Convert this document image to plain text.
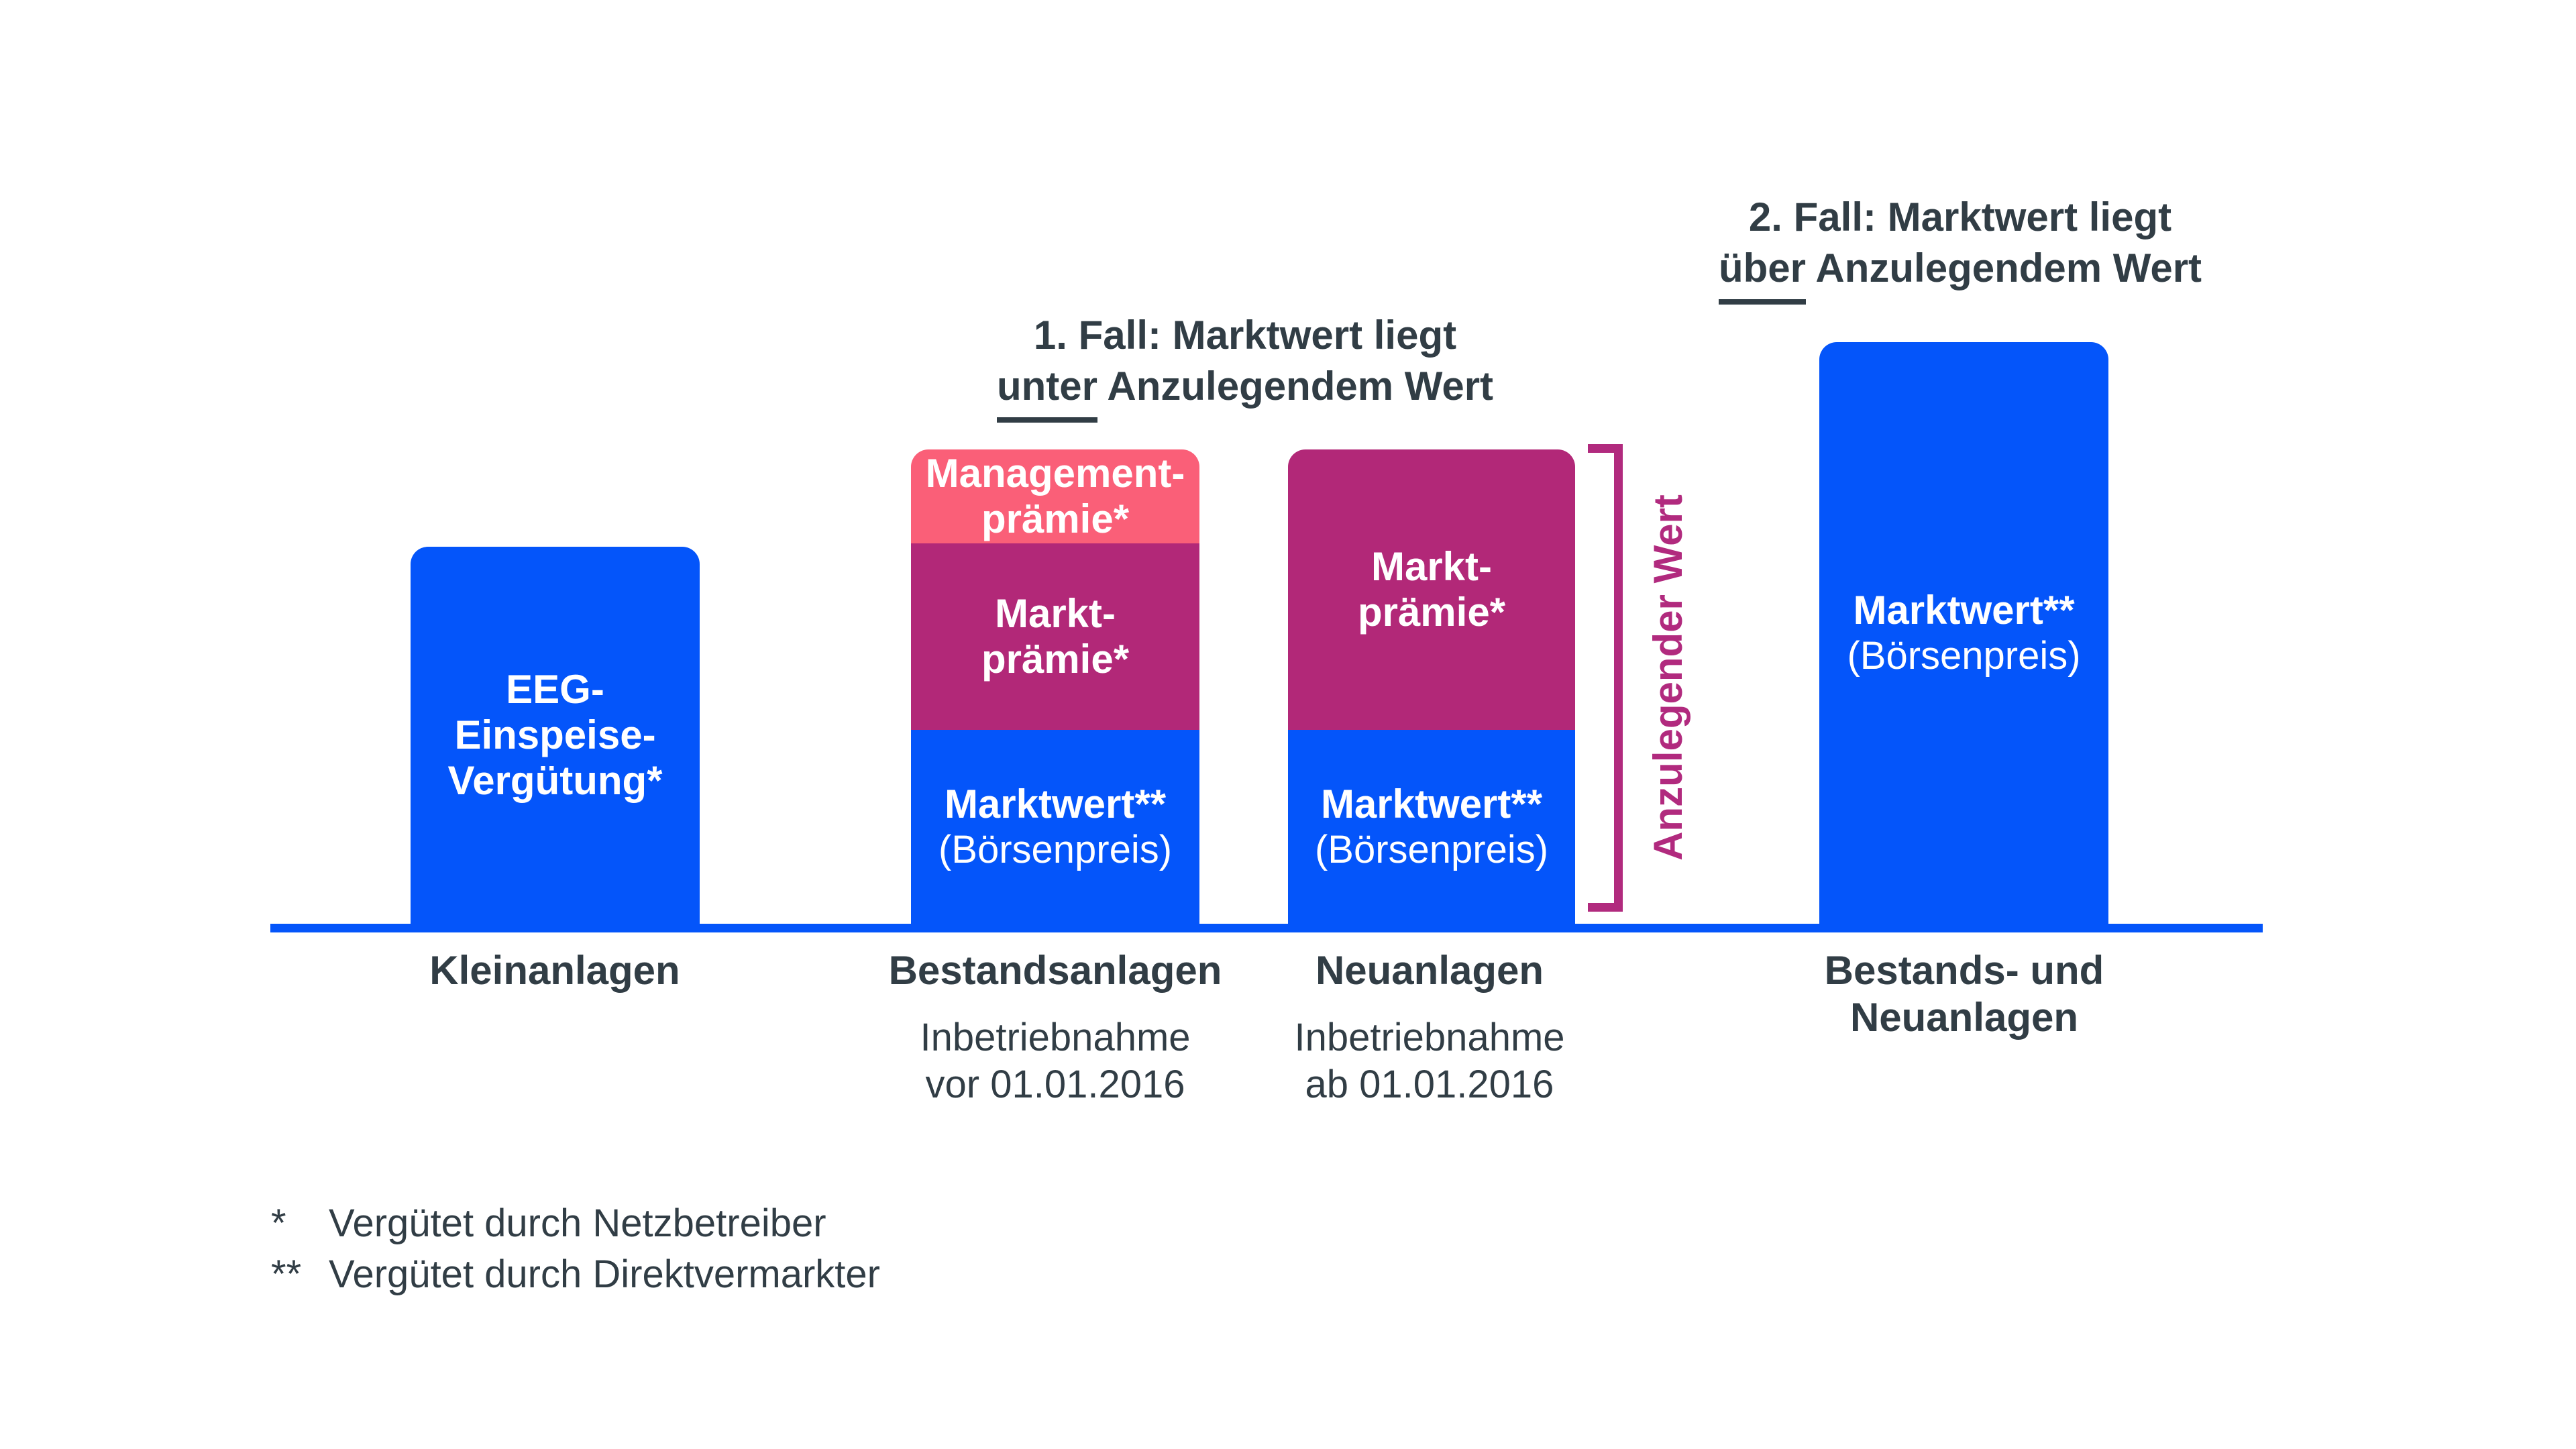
1. Fall: Marktwert liegt
unter Anzulegendem Wert
2. Fall: Marktwert liegt
über Anzulegendem Wert
EEG-
Einspeise-
Vergütung*
Management-
prämie*
Markt-
prämie*
Marktwert**
(Börsenpreis)
Markt-
prämie*
Marktwert**
(Börsenpreis)
Marktwert**
(Börsenpreis)
Anzulegender Wert
Kleinanlagen	Bestandsanlagen
Inbetriebnahme
vor 01.01.2016
Neuanlagen
Inbetriebnahme
ab 01.01.2016
Bestands- und
Neuanlagen
*	Vergütet durch Netzbetreiber
** Vergütet durch Direktvermarkter
